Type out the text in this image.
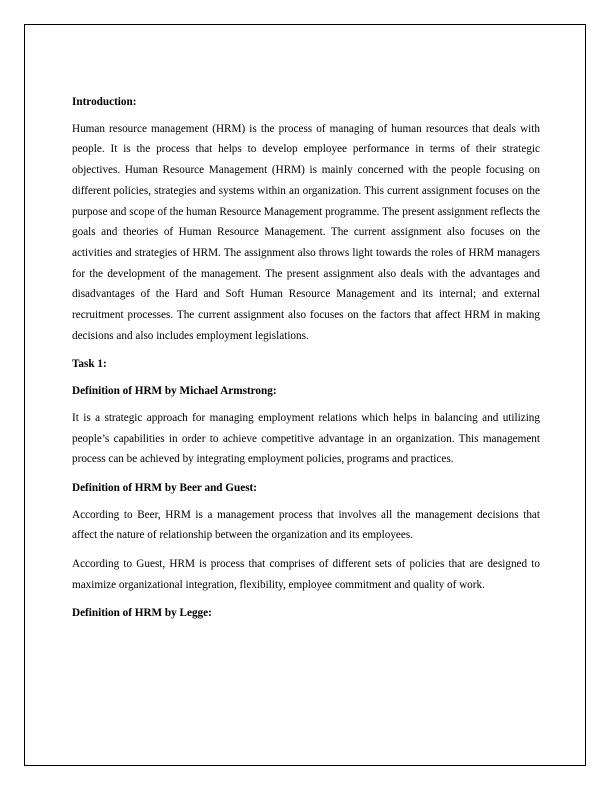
Introduction:

Human resource management (HRM) is the process of managing of human resources that deals with people. It is the process that helps to develop employee performance in terms of their strategic objectives. Human Resource Management (HRM) is mainly concerned with the people focusing on different policies, strategies and systems within an organization. This current assignment focuses on the purpose and scope of the human Resource Management programme. The present assignment reflects the goals and theories of Human Resource Management. The current assignment also focuses on the activities and strategies of HRM. The assignment also throws light towards the roles of HRM managers for the development of the management. The present assignment also deals with the advantages and disadvantages of the Hard and Soft Human Resource Management and its internal; and external recruitment processes. The current assignment also focuses on the factors that affect HRM in making decisions and also includes employment legislations.

Task 1:

Definition of HRM by Michael Armstrong:

It is a strategic approach for managing employment relations which helps in balancing and utilizing people’s capabilities in order to achieve competitive advantage in an organization. This management process can be achieved by integrating employment policies, programs and practices.

Definition of HRM by Beer and Guest:

According to Beer, HRM is a management process that involves all the management decisions that affect the nature of relationship between the organization and its employees.

According to Guest, HRM is process that comprises of different sets of policies that are designed to maximize organizational integration, flexibility, employee commitment and quality of work.

Definition of HRM by Legge:
